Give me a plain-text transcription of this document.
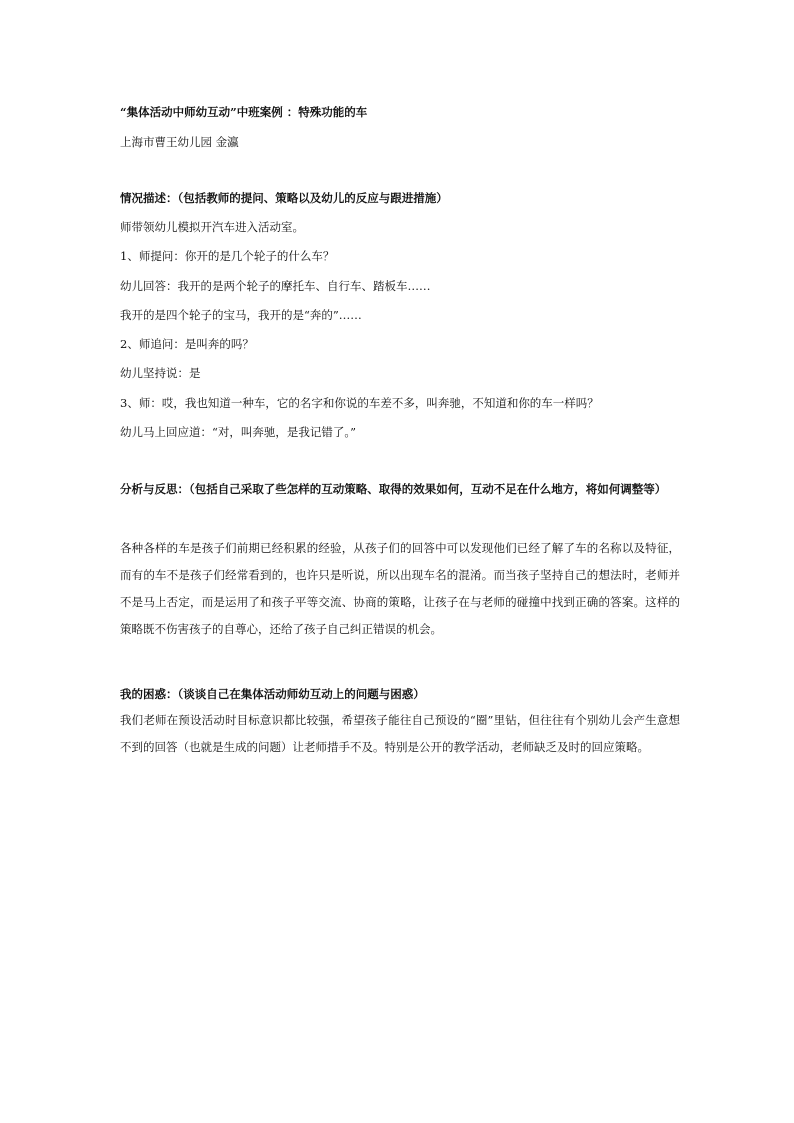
“集体活动中师幼互动”中班案例 ：特殊功能的车
上海市曹王幼儿园 金瀛
情况描述：（包括教师的提问、策略以及幼儿的反应与跟进措施）
师带领幼儿模拟开汽车进入活动室。
1、师提问：你开的是几个轮子的什么车？
幼儿回答：我开的是两个轮子的摩托车、自行车、踏板车……
我开的是四个轮子的宝马，我开的是“奔的”……
2、师追问：是叫奔的吗？
幼儿坚持说：是
3、师：哎，我也知道一种车，它的名字和你说的车差不多，叫奔驰，不知道和你的车一样吗？
幼儿马上回应道：“对，叫奔驰，是我记错了。”
分析与反思：（包括自己采取了些怎样的互动策略、取得的效果如何，互动不足在什么地方，将如何调整等）
各种各样的车是孩子们前期已经积累的经验，从孩子们的回答中可以发现他们已经了解了车的名称以及特征，而有的车不是孩子们经常看到的，也许只是听说，所以出现车名的混淆。而当孩子坚持自己的想法时，老师并不是马上否定，而是运用了和孩子平等交流、协商的策略，让孩子在与老师的碰撞中找到正确的答案。这样的策略既不伤害孩子的自尊心，还给了孩子自己纠正错误的机会。
我的困惑：（谈谈自己在集体活动师幼互动上的问题与困惑）
我们老师在预设活动时目标意识都比较强，希望孩子能往自己预设的“圈”里钻，但往往有个别幼儿会产生意想不到的回答（也就是生成的问题）让老师措手不及。特别是公开的教学活动，老师缺乏及时的回应策略。
